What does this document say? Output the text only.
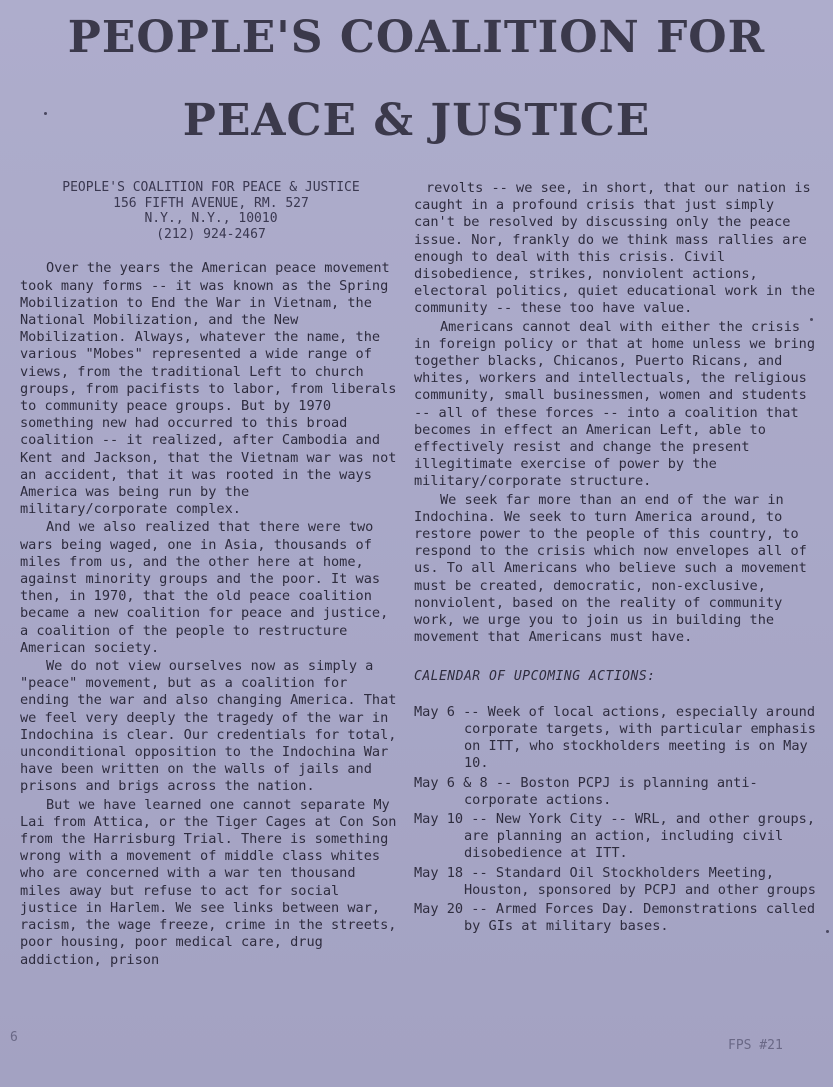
PEOPLE'S COALITION FOR
PEACE & JUSTICE
PEOPLE'S COALITION FOR PEACE & JUSTICE
156 FIFTH AVENUE, RM. 527
N.Y., N.Y., 10010
(212) 924-2467

Over the years the American peace movement took many forms -- it was known as the Spring Mobilization to End the War in Vietnam, the National Mobilization, and the New Mobilization. Always, whatever the name, the various "Mobes" represented a wide range of views, from the traditional Left to church groups, from pacifists to labor, from liberals to community peace groups. But by 1970 something new had occurred to this broad coalition -- it realized, after Cambodia and Kent and Jackson, that the Vietnam war was not an accident, that it was rooted in the ways America was being run by the military/corporate complex.

And we also realized that there were two wars being waged, one in Asia, thousands of miles from us, and the other here at home, against minority groups and the poor. It was then, in 1970, that the old peace coalition became a new coalition for peace and justice, a coalition of the people to restructure American society.

We do not view ourselves now as simply a "peace" movement, but as a coalition for ending the war and also changing America. That we feel very deeply the tragedy of the war in Indochina is clear. Our credentials for total, unconditional opposition to the Indochina War have been written on the walls of jails and prisons and brigs across the nation.

But we have learned one cannot separate My Lai from Attica, or the Tiger Cages at Con Son from the Harrisburg Trial. There is something wrong with a movement of middle class whites who are concerned with a war ten thousand miles away but refuse to act for social justice in Harlem. We see links between war, racism, the wage freeze, crime in the streets, poor housing, poor medical care, drug addiction, prison

revolts -- we see, in short, that our nation is caught in a profound crisis that just simply can't be resolved by discussing only the peace issue. Nor, frankly do we think mass rallies are enough to deal with this crisis. Civil disobedience, strikes, nonviolent actions, electoral politics, quiet educational work in the community -- these too have value.

Americans cannot deal with either the crisis in foreign policy or that at home unless we bring together blacks, Chicanos, Puerto Ricans, and whites, workers and intellectuals, the religious community, small businessmen, women and students -- all of these forces -- into a coalition that becomes in effect an American Left, able to effectively resist and change the present illegitimate exercise of power by the military/corporate structure.

We seek far more than an end of the war in Indochina. We seek to turn America around, to restore power to the people of this country, to respond to the crisis which now envelopes all of us. To all Americans who believe such a movement must be created, democratic, non-exclusive, nonviolent, based on the reality of community work, we urge you to join us in building the movement that Americans must have.

CALENDAR OF UPCOMING ACTIONS:
May 6 -- Week of local actions, especially around corporate targets, with particular emphasis on ITT, who stockholders meeting is on May 10.
May 6 & 8 -- Boston PCPJ is planning anti-corporate actions.
May 10 -- New York City -- WRL, and other groups, are planning an action, including civil disobedience at ITT.
May 18 -- Standard Oil Stockholders Meeting, Houston, sponsored by PCPJ and other groups
May 20 -- Armed Forces Day. Demonstrations called by GIs at military bases.
6
FPS #21
